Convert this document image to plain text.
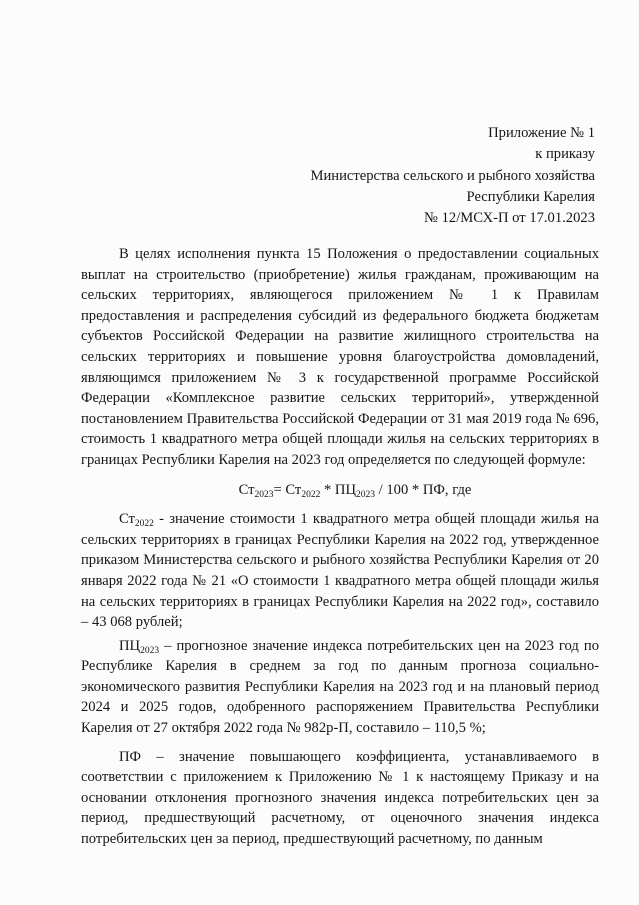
Приложение № 1
к приказу
Министерства сельского и рыбного хозяйства
Республики Карелия
№ 12/МСХ-П от 17.01.2023

В целях исполнения пункта 15 Положения о предоставлении социальных выплат на строительство (приобретение) жилья гражданам, проживающим на сельских территориях, являющегося приложением № 1 к Правилам предоставления и распределения субсидий из федерального бюджета бюджетам субъектов Российской Федерации на развитие жилищного строительства на сельских территориях и повышение уровня благоустройства домовладений, являющимся приложением № 3 к государственной программе Российской Федерации «Комплексное развитие сельских территорий», утвержденной постановлением Правительства Российской Федерации от 31 мая 2019 года № 696, стоимость 1 квадратного метра общей площади жилья на сельских территориях в границах Республики Карелия на 2023 год определяется по следующей формуле:

$Ст_{2023}= Ст_{2022} * ПЦ_{2023} / 100$ * ПФ, где

$Ст_{2022}$ - значение стоимости 1 квадратного метра общей площади жилья на сельских территориях в границах Республики Карелия на 2022 год, утвержденное приказом Министерства сельского и рыбного хозяйства Республики Карелия от 20 января 2022 года № 21 «О стоимости 1 квадратного метра общей площади жилья на сельских территориях в границах Республики Карелия на 2022 год», составило – 43 068 рублей;

$ПЦ_{2023}$ – прогнозное значение индекса потребительских цен на 2023 год по Республике Карелия в среднем за год по данным прогноза социально-экономического развития Республики Карелия на 2023 год и на плановый период 2024 и 2025 годов, одобренного распоряжением Правительства Республики Карелия от 27 октября 2022 года № 982р-П, составило – 110,5 %;

ПФ – значение повышающего коэффициента, устанавливаемого в соответствии с приложением к Приложению № 1 к настоящему Приказу и на основании отклонения прогнозного значения индекса потребительских цен за период, предшествующий расчетному, от оценочного значения индекса потребительских цен за период, предшествующий расчетному, по данным
